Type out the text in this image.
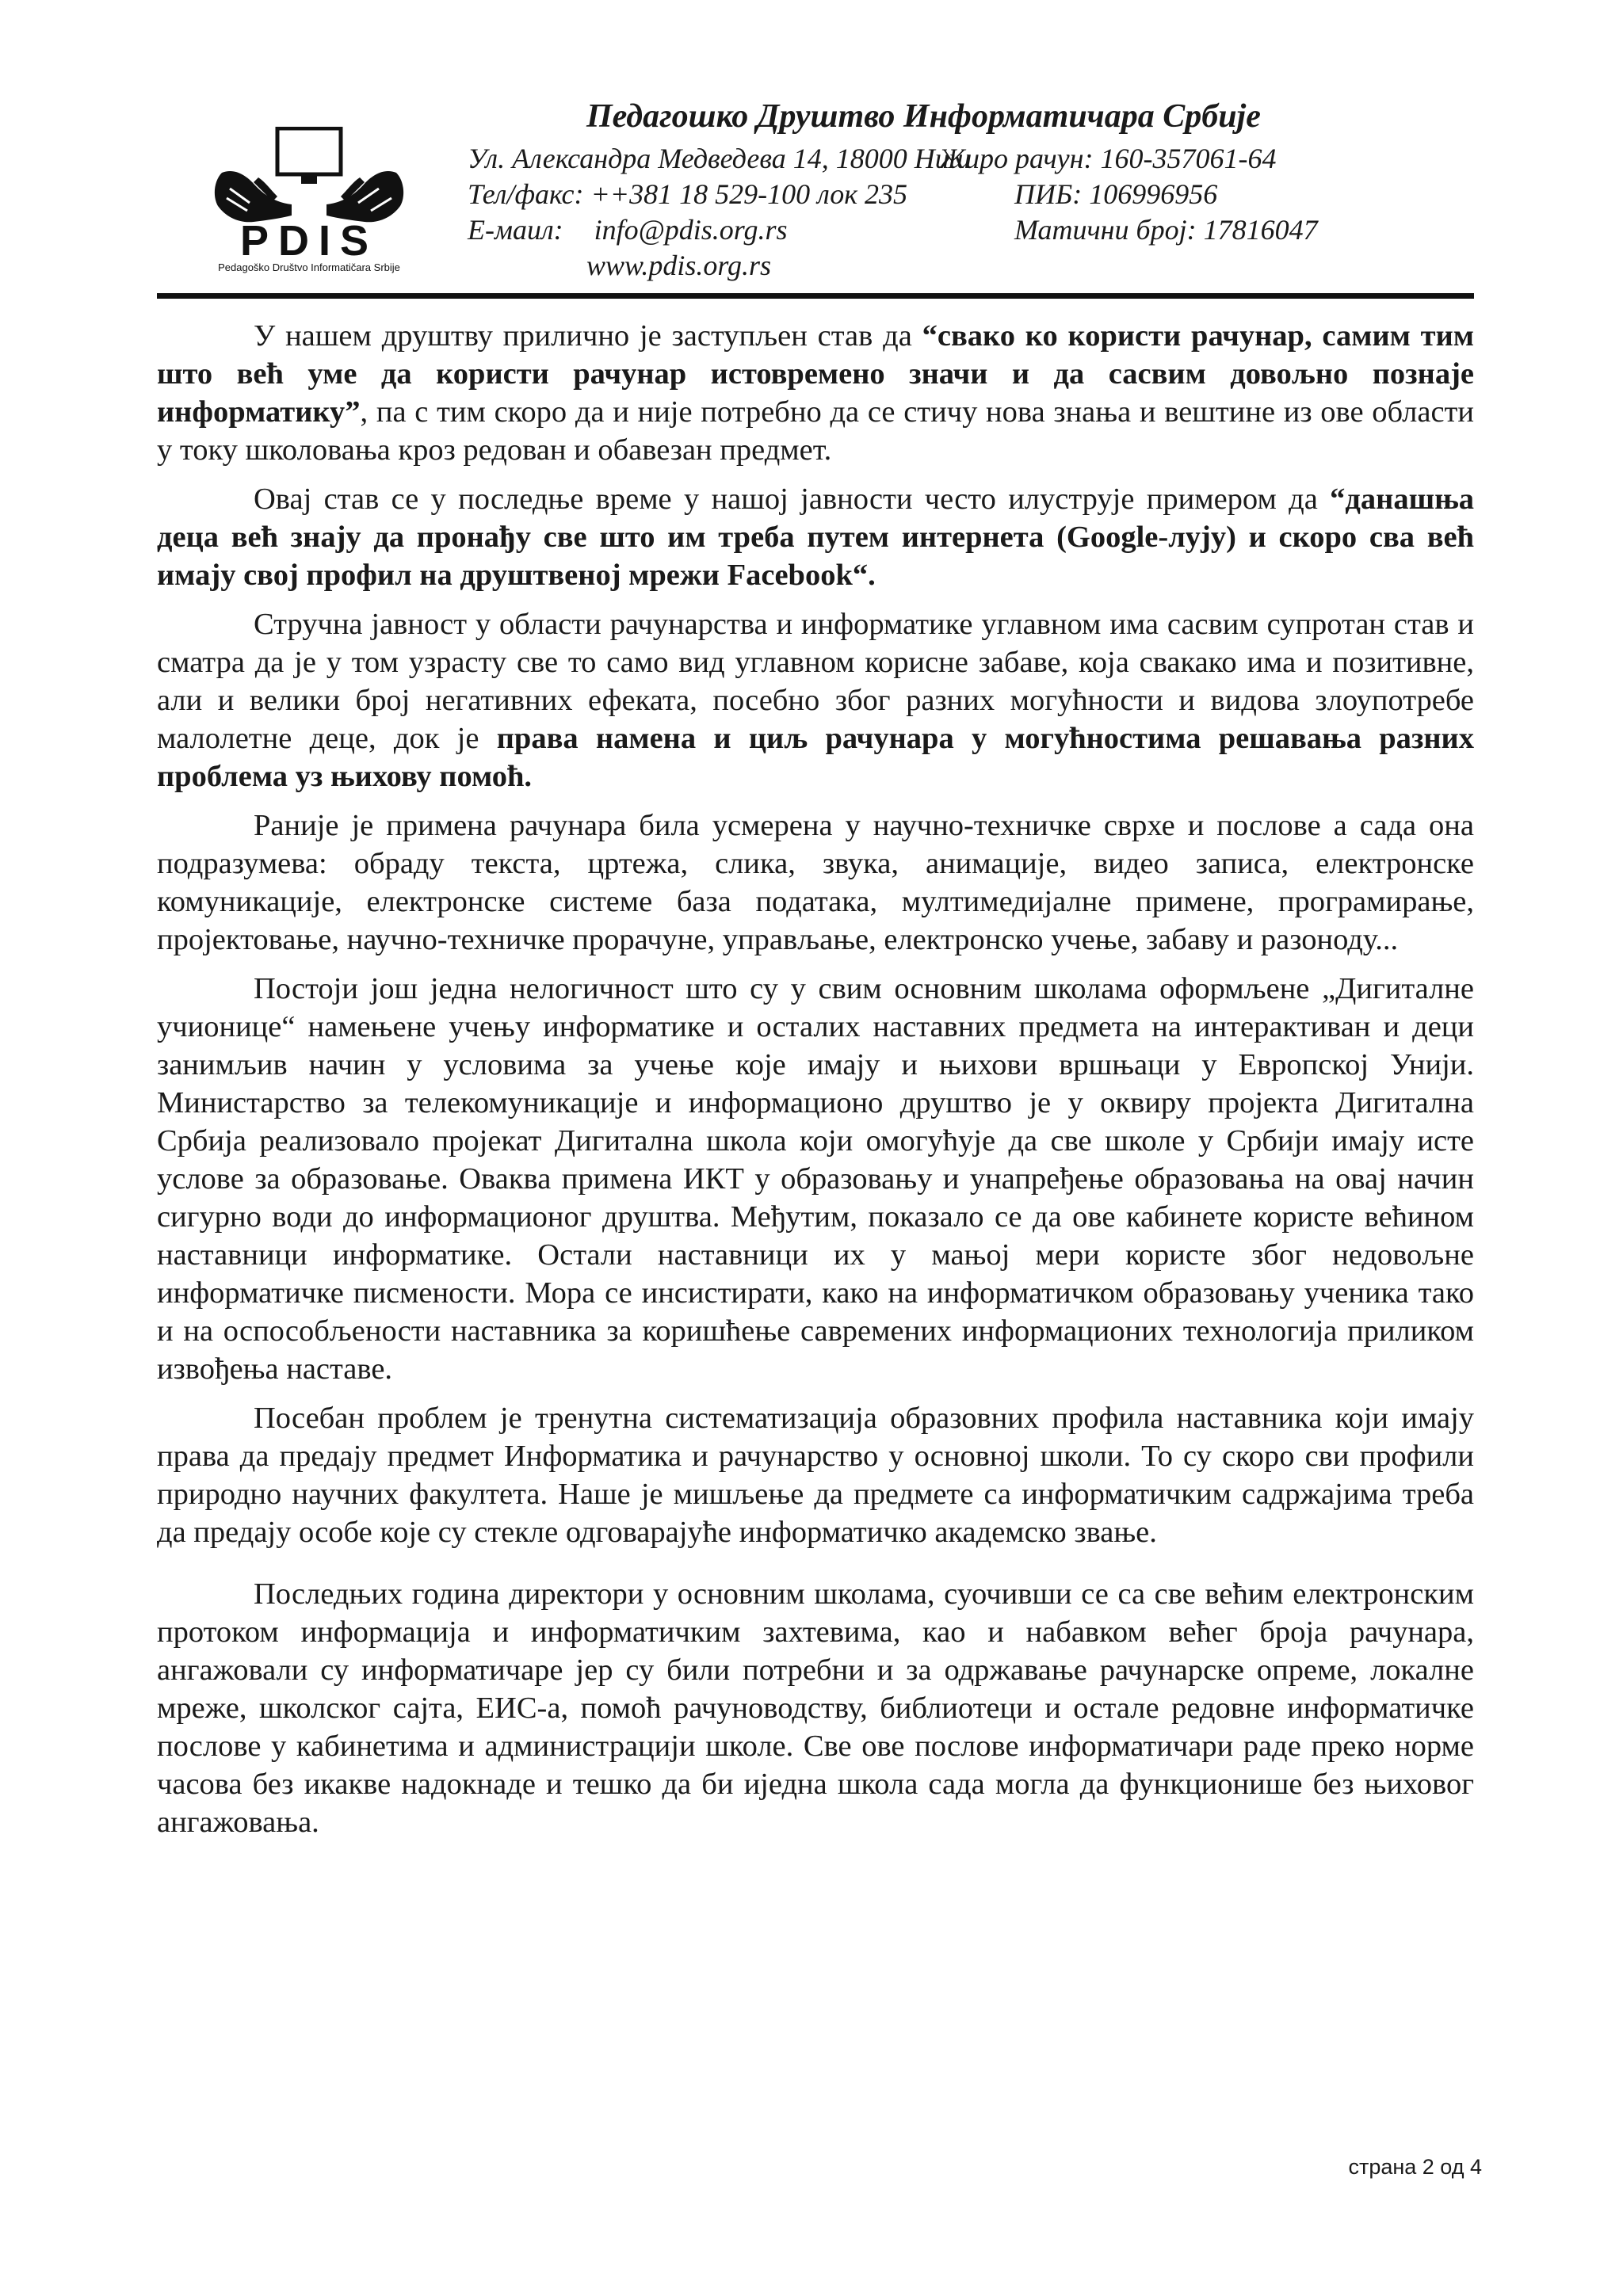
PDIS
Pedagoško Društvo Informatičara Srbije
Педагошко Друштво Информатичара Србије
Ул. Александра Медведева 14, 18000 Ниш
Жиро рачун: 160-357061-64
Тел/факс: ++381 18 529-100 лок 235	ПИБ: 106996956
Е-маил: info@pdis.org.rs	Матични број: 17816047
www.pdis.org.rs

У нашем друштву прилично је заступљен став да “свако ко користи рачунар, самим тим што већ уме да користи рачунар истовремено значи и да сасвим довољно познаје информатику”, па с тим скоро да и није потребно да се стичу нова знања и вештине из ове области у току школовања кроз редован и обавезан предмет.

Овај став се у последње време у нашој јавности често илуструје примером да “данашња деца већ знају да пронађу све што им треба путем интернета (Google-лују) и скоро сва већ имају свој профил на друштвеној мрежи Facebook“.

Стручна јавност у области рачунарства и информатике углавном има сасвим супротан став и сматра да је у том узрасту све то само вид углавном корисне забаве, која свакако има и позитивне, али и велики број негативних ефеката, посебно због разних могућности и видова злоупотребе малолетне деце, док је права намена и циљ рачунара у могућностима решавања разних проблема уз њихову помоћ.

Раније је примена рачунара била усмерена у научно-техничке сврхе и послове а сада она подразумева: обраду текста, цртежа, слика, звука, анимације, видео записа, електронске комуникације, електронске системе база података, мултимедијалне примене, програмирање, пројектовање, научно-техничке прорачуне, управљање, електронско учење, забаву и разоноду...

Постоји још једна нелогичност што су у свим основним школама оформљене „Дигиталне учионице“ намењене учењу информатике и осталих наставних предмета на интерактиван и деци занимљив начин у условима за учење које имају и њихови вршњаци у Европској Унији. Министарство за телекомуникације и информационо друштво је у оквиру пројекта Дигитална Србија реализовало пројекат Дигитална школа који омогућује да све школе у Србији имају исте услове за образовање. Оваква примена ИКТ у образовању и унапређење образовања на овај начин сигурно води до информационог друштва. Међутим, показало се да ове кабинете користе већином наставници информатике. Остали наставници их у мањој мери користе због недовољне информатичке писмености. Мора се инсистирати, како на информатичком образовању ученика тако и на оспособљености наставника за коришћење савремених информационих технологија приликом извођења наставе.

Посебан проблем је тренутна систематизација образовних профила наставника који имају права да предају предмет Информатика и рачунарство у основној школи. То су скоро сви профили природно научних факултета. Наше је мишљење да предмете са информатичким садржајима треба да предају особе које су стекле одговарајуће информатичко академско звање.

Последњих година директори у основним школама, суочивши се са све већим електронским протоком информација и информатичким захтевима, као и набавком већег броја рачунара, ангажовали су информатичаре јер су били потребни и за одржавање рачунарске опреме, локалне мреже, школског сајта, ЕИС-а, помоћ рачуноводству, библиотеци и остале редовне информатичке послове у кабинетима и администрацији школе. Све ове послове информатичари раде преко норме часова без икакве надокнаде и тешко да би иједна школа сада могла да функционише без њиховог ангажовања.

страна 2 од 4
